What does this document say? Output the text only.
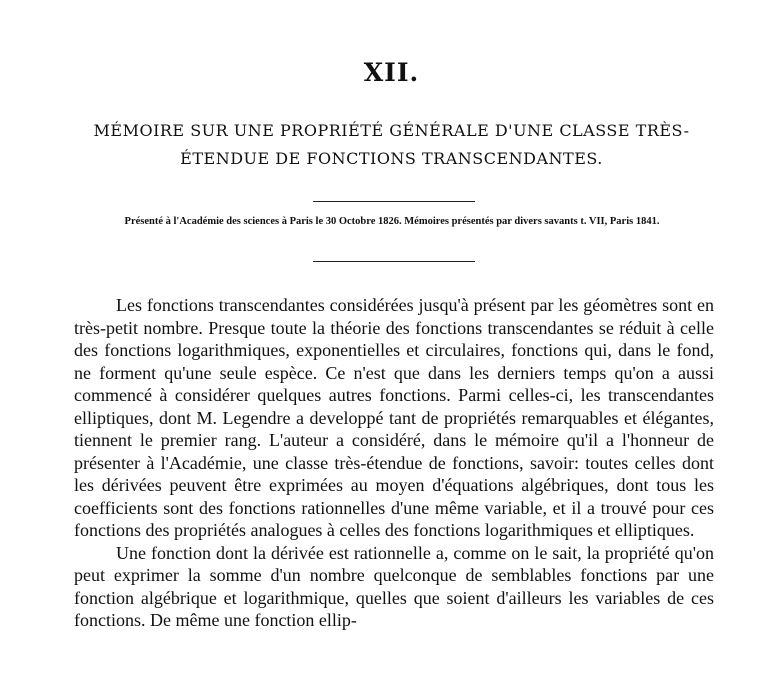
XII.
MÉMOIRE SUR UNE PROPRIÉTÉ GÉNÉRALE D'UNE CLASSE TRÈS-ÉTENDUE DE FONCTIONS TRANSCENDANTES.
Présenté à l'Académie des sciences à Paris le 30 Octobre 1826. Mémoires présentés par divers savants t. VII, Paris 1841.

Les fonctions transcendantes considérées jusqu'à présent par les géomètres sont en très-petit nombre. Presque toute la théorie des fonctions transcendantes se réduit à celle des fonctions logarithmiques, exponentielles et circulaires, fonctions qui, dans le fond, ne forment qu'une seule espèce. Ce n'est que dans les derniers temps qu'on a aussi commencé à considérer quelques autres fonctions. Parmi celles-ci, les transcendantes elliptiques, dont M. Legendre a developpé tant de propriétés remarquables et élégantes, tiennent le premier rang. L'auteur a considéré, dans le mémoire qu'il a l'honneur de présenter à l'Académie, une classe très-étendue de fonctions, savoir: toutes celles dont les dérivées peuvent être exprimées au moyen d'équations algébriques, dont tous les coefficients sont des fonctions rationnelles d'une même variable, et il a trouvé pour ces fonctions des propriétés analogues à celles des fonctions logarithmiques et elliptiques.

Une fonction dont la dérivée est rationnelle a, comme on le sait, la propriété qu'on peut exprimer la somme d'un nombre quelconque de semblables fonctions par une fonction algébrique et logarithmique, quelles que soient d'ailleurs les variables de ces fonctions. De même une fonction ellip-
